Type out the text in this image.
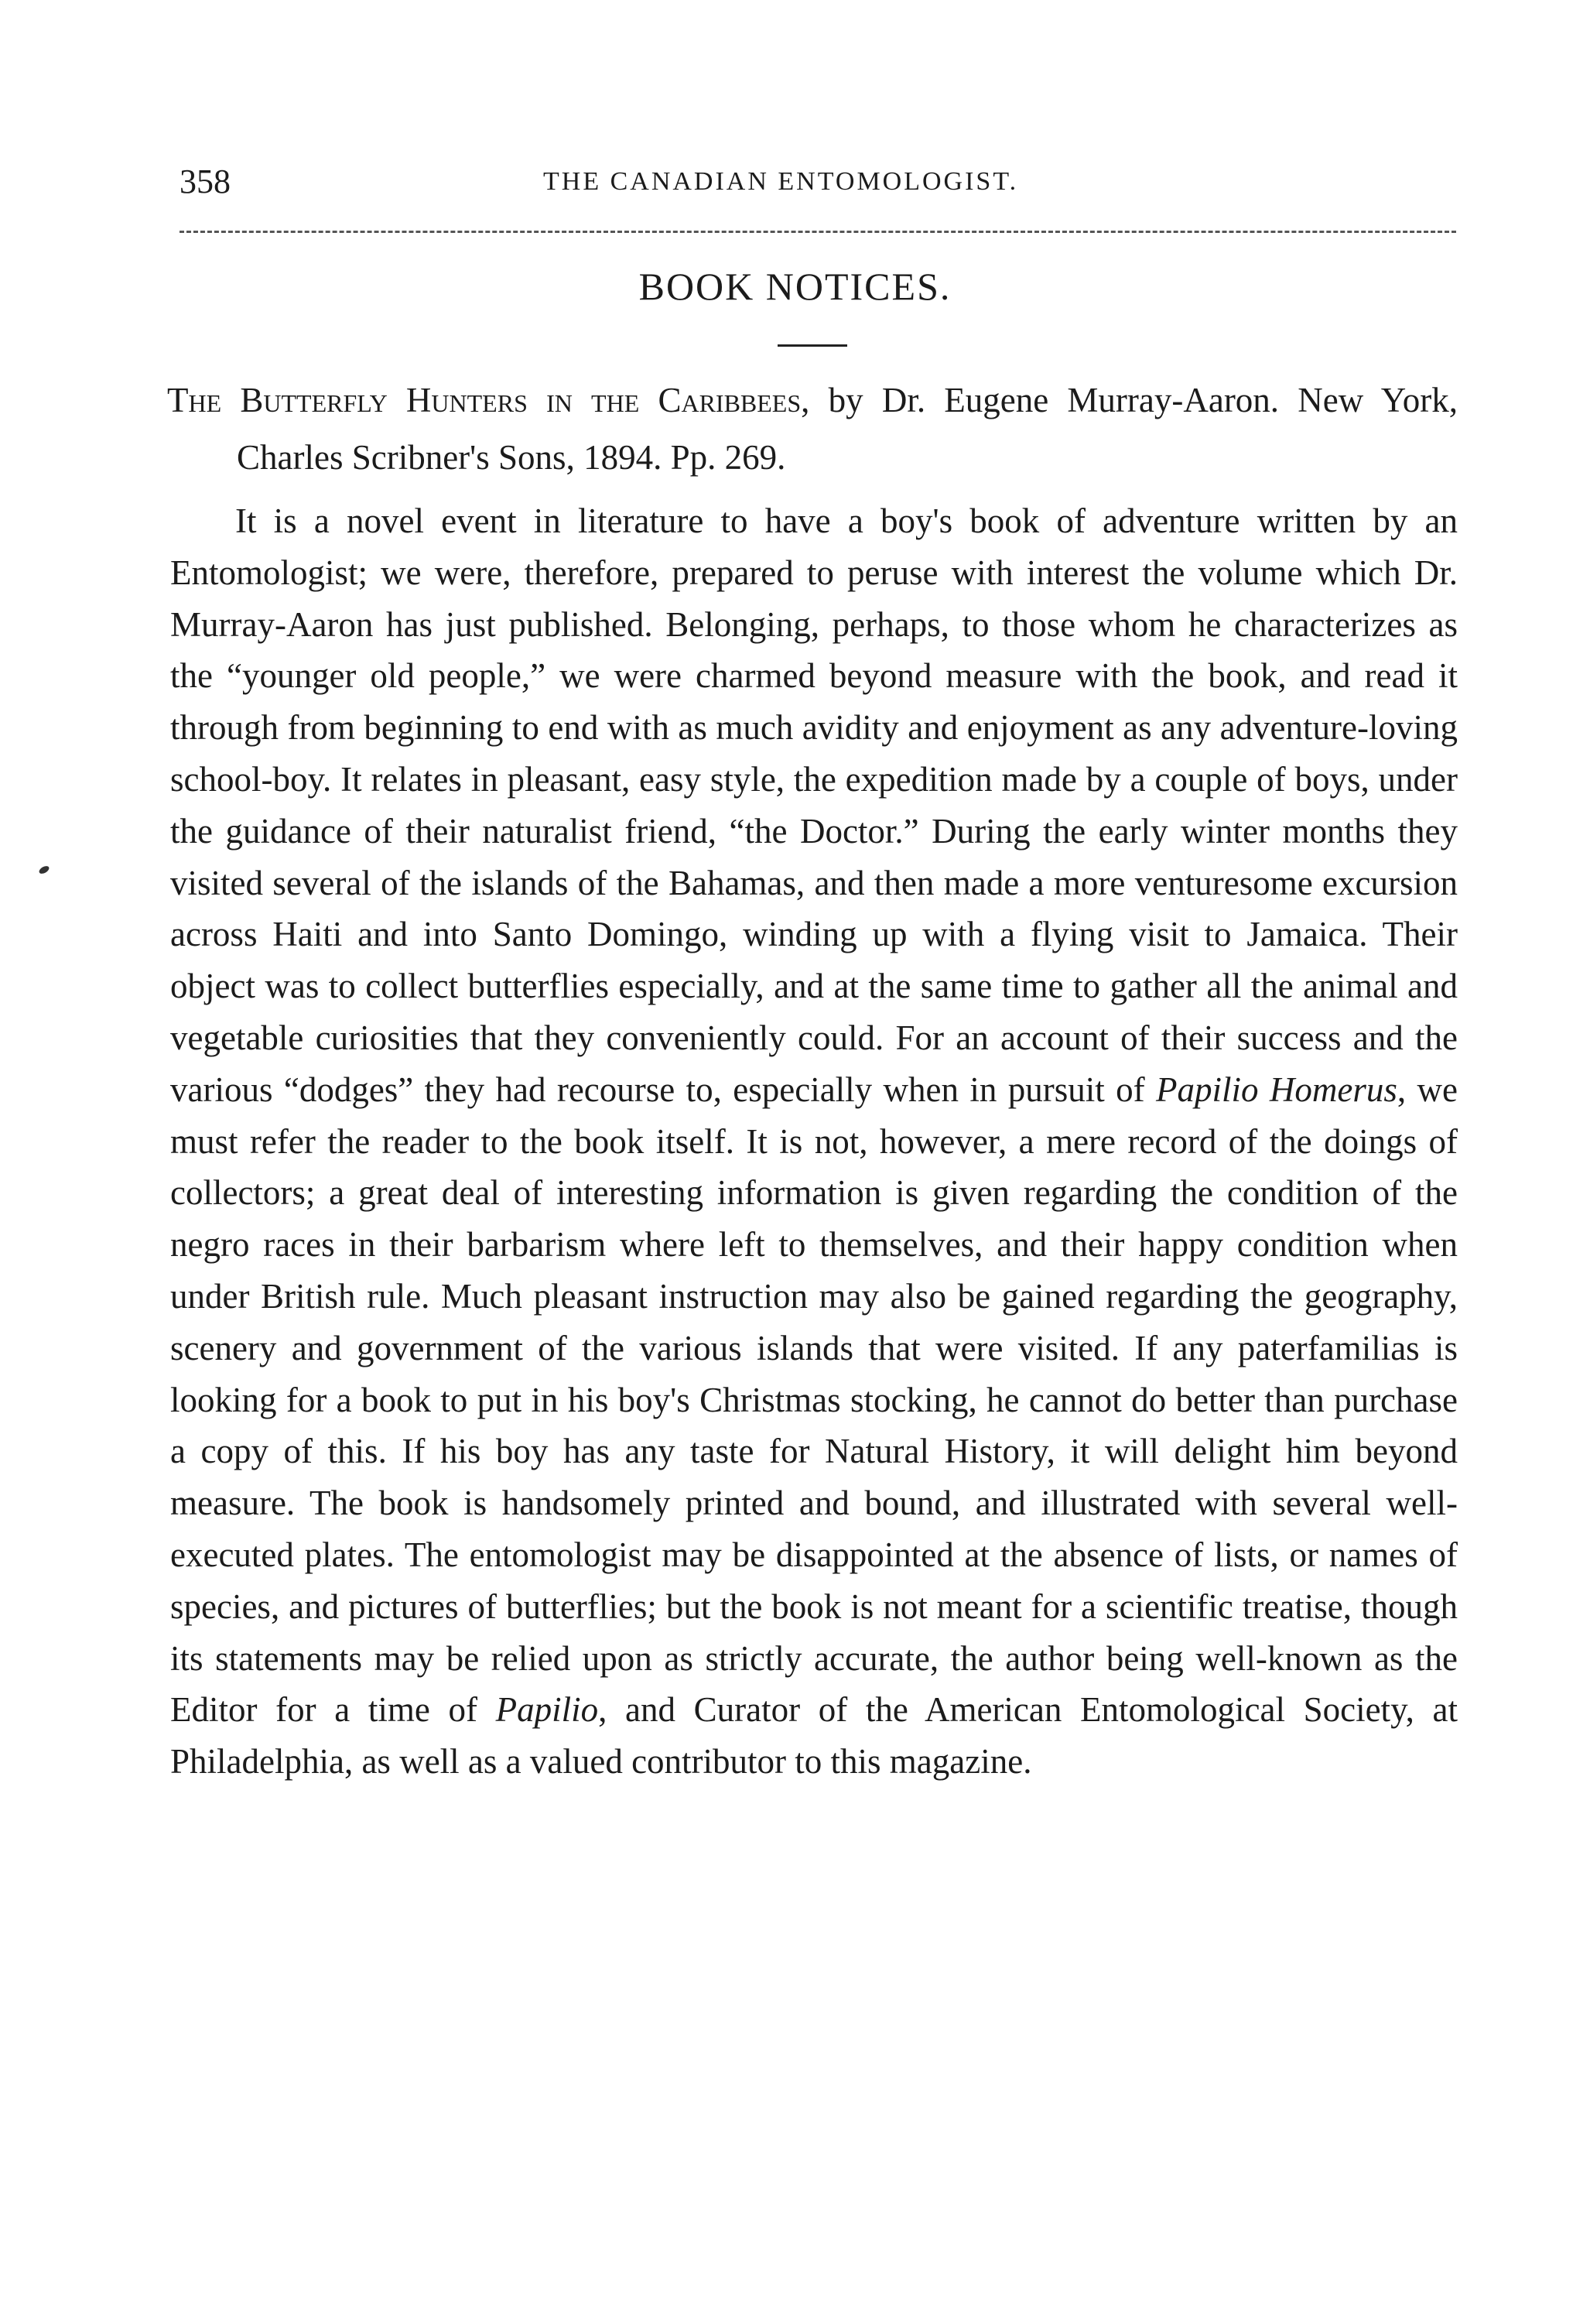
358	THE CANADIAN ENTOMOLOGIST.
BOOK NOTICES.
The Butterfly Hunters in the Caribbees, by Dr. Eugene Murray-Aaron. New York, Charles Scribner's Sons, 1894. Pp. 269.

It is a novel event in literature to have a boy's book of adventure written by an Entomologist; we were, therefore, prepared to peruse with interest the volume which Dr. Murray-Aaron has just published. Belonging, perhaps, to those whom he characterizes as the “younger old people,” we were charmed beyond measure with the book, and read it through from beginning to end with as much avidity and enjoyment as any adventure-loving school-boy. It relates in pleasant, easy style, the expedition made by a couple of boys, under the guidance of their naturalist friend, “the Doctor.” During the early winter months they visited several of the islands of the Bahamas, and then made a more venturesome excursion across Haiti and into Santo Domingo, winding up with a flying visit to Jamaica. Their object was to collect butterflies especially, and at the same time to gather all the animal and vegetable curiosities that they conveniently could. For an account of their success and the various “dodges” they had recourse to, especially when in pursuit of Papilio Homerus, we must refer the reader to the book itself. It is not, however, a mere record of the doings of collectors; a great deal of interesting information is given regarding the condition of the negro races in their barbarism where left to themselves, and their happy condition when under British rule. Much pleasant instruction may also be gained regarding the geography, scenery and government of the various islands that were visited. If any paterfamilias is looking for a book to put in his boy's Christmas stocking, he cannot do better than purchase a copy of this. If his boy has any taste for Natural History, it will delight him beyond measure. The book is handsomely printed and bound, and illustrated with several well-executed plates. The entomologist may be disappointed at the absence of lists, or names of species, and pictures of butterflies; but the book is not meant for a scientific treatise, though its statements may be relied upon as strictly accurate, the author being well-known as the Editor for a time of Papilio, and Curator of the American Entomological Society, at Philadelphia, as well as a valued contributor to this magazine.
